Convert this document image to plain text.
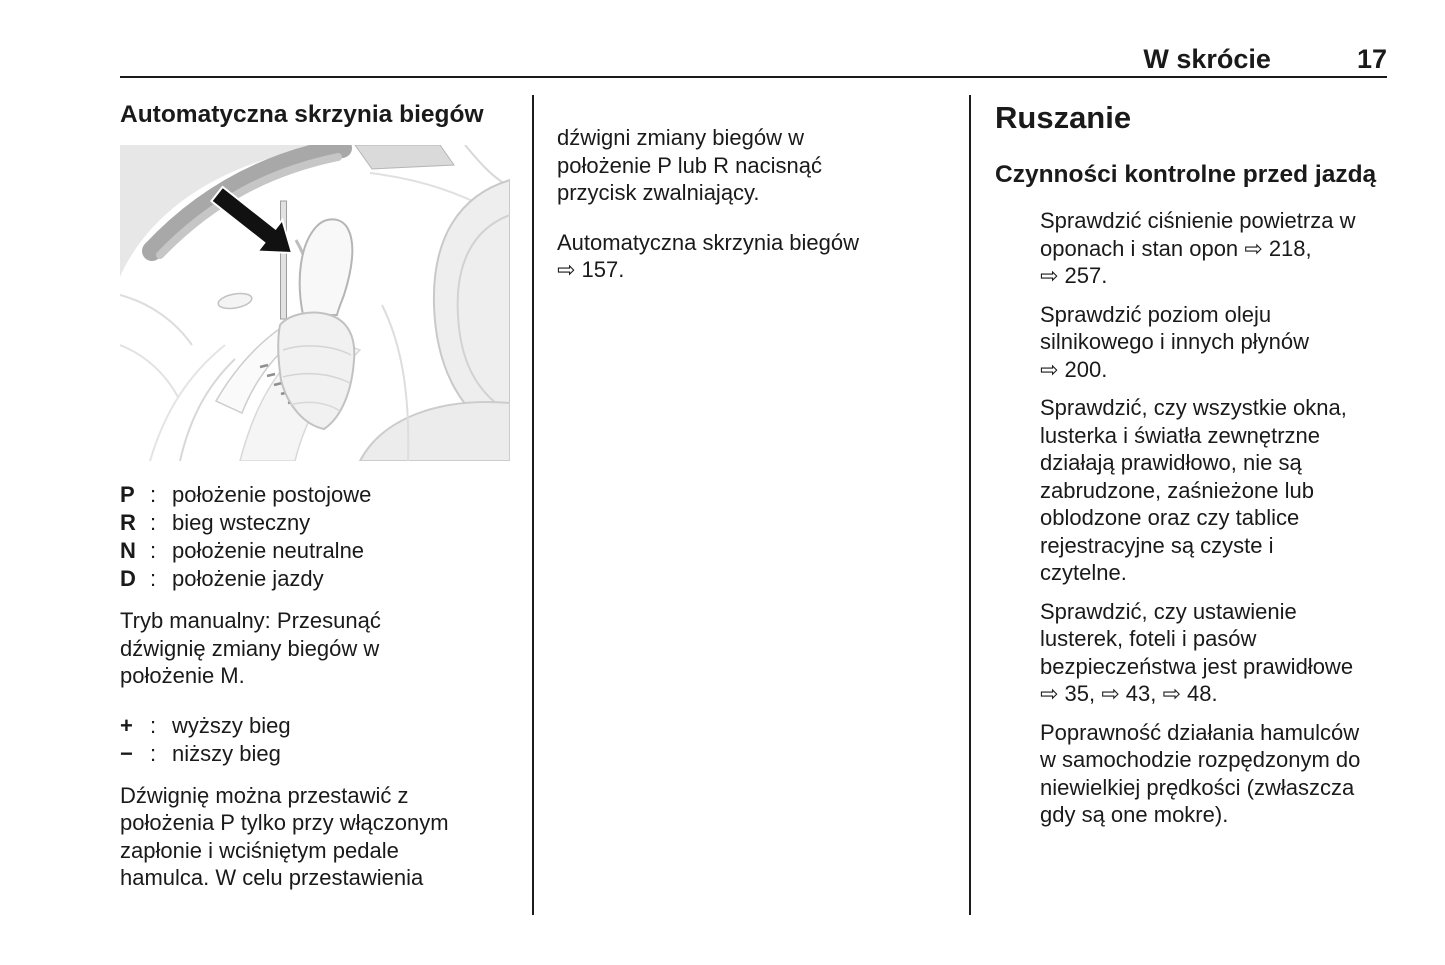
W skrócie	17
Automatyczna skrzynia biegów
P : położenie postojowe
R : bieg wsteczny
N : położenie neutralne
D : położenie jazdy

Tryb manualny: Przesunąć dźwignię zmiany biegów w położenie M.

+ : wyższy bieg
− : niższy bieg

Dźwignię można przestawić z położenia P tylko przy włączonym zapłonie i wciśniętym pedale hamulca. W celu przestawienia

dźwigni zmiany biegów w położenie P lub R nacisnąć przycisk zwalniający.

Automatyczna skrzynia biegów ⇨ 157.

Ruszanie
Czynności kontrolne przed jazdą
Sprawdzić ciśnienie powietrza w oponach i stan opon ⇨ 218, ⇨ 257.
Sprawdzić poziom oleju silnikowego i innych płynów ⇨ 200.
Sprawdzić, czy wszystkie okna, lusterka i światła zewnętrzne działają prawidłowo, nie są zabrudzone, zaśnieżone lub oblodzone oraz czy tablice rejestracyjne są czyste i czytelne.
Sprawdzić, czy ustawienie lusterek, foteli i pasów bezpieczeństwa jest prawidłowe ⇨ 35, ⇨ 43, ⇨ 48.
Poprawność działania hamulców w samochodzie rozpędzonym do niewielkiej prędkości (zwłaszcza gdy są one mokre).
